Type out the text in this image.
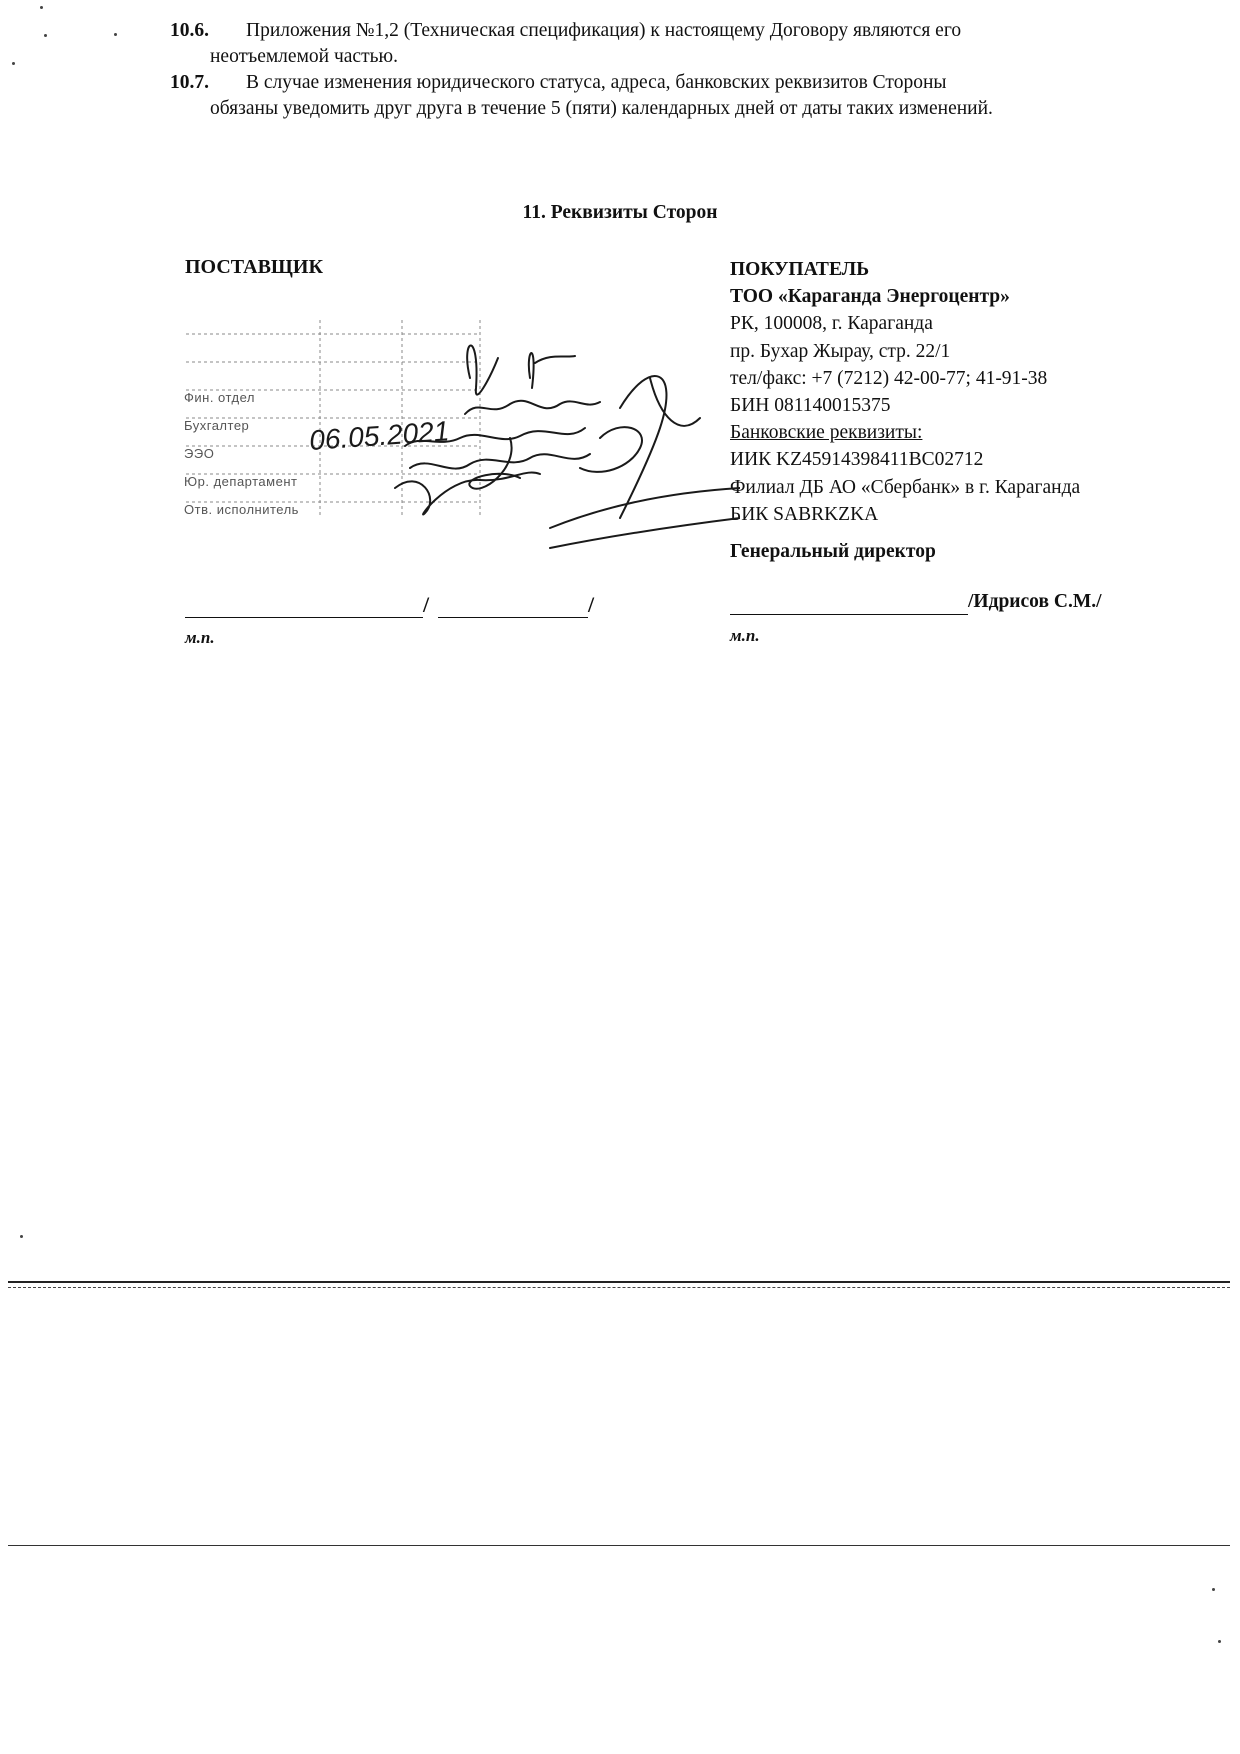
10.6. Приложения №1,2 (Техническая спецификация) к настоящему Договору являются его
неотъемлемой частью.
10.7. В случае изменения юридического статуса, адреса, банковских реквизитов Стороны
обязаны уведомить друг друга в течение 5 (пяти) календарных дней от даты таких изменений.
11. Реквизиты Сторон
ПОСТАВЩИК	ПОКУПАТЕЛЬ
ТОО «Караганда Энергоцентр»
РК, 100008, г. Караганда
пр. Бухар Жырау, стр. 22/1
тел/факс: +7 (7212) 42-00-77; 41-91-38
БИН 081140015375
Банковские реквизиты:
ИИК KZ45914398411BC02712
Филиал ДБ АО «Сбербанк» в г. Караганда
БИК SABRKZKA
Генеральный директор
06.05.2021
Фин. отдел
Бухгалтер
ЭЭО
Юр. департамент
Отв. исполнитель
/	/
м.п.
/Идрисов С.М./
м.п.
